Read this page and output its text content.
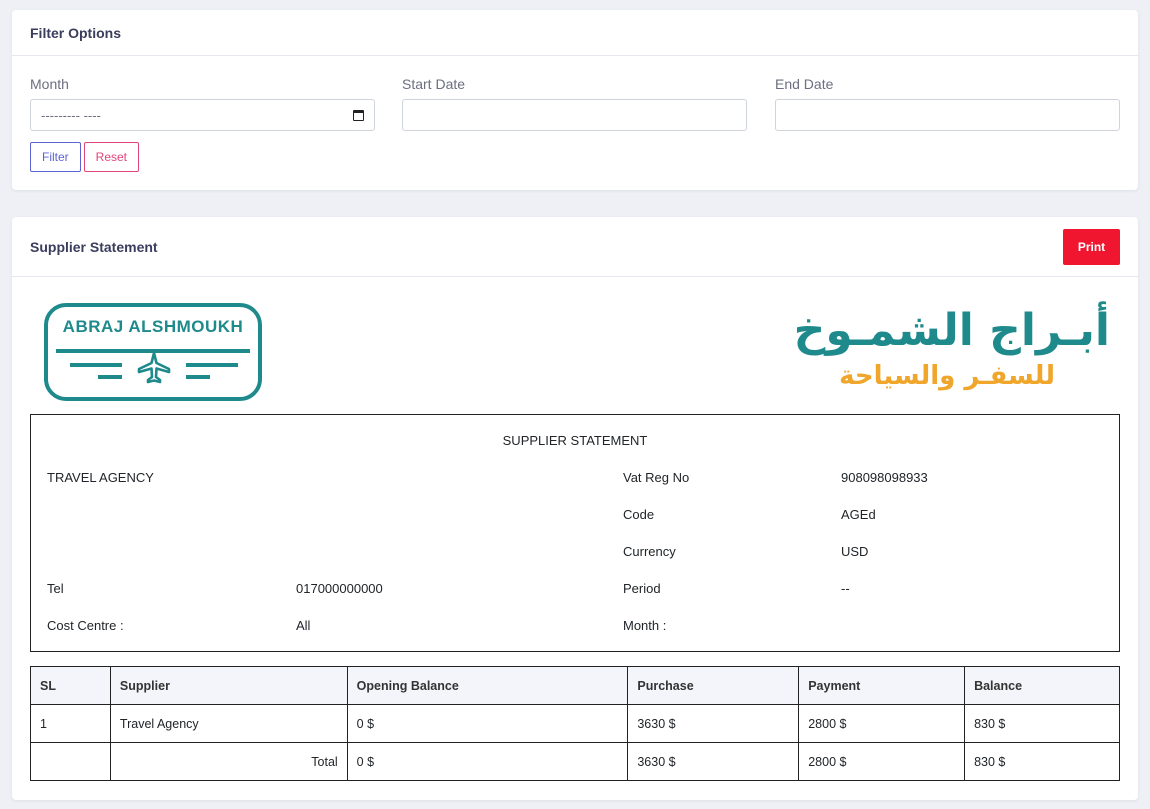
Filter Options
Month
--------- ----
Start Date	End Date
Filter	Reset
Supplier Statement	Print
ABRAJ ALSHMOUKH	أبـراج الشمـوخ
للسفـر والسياحة
SUPPLIER STATEMENT
TRAVEL AGENCY
Tel	017000000000
Cost Centre :	All
Vat Reg No	908098098933
Code	AGEd
Currency	USD
Period	--
Month :
SL	Supplier	Opening Balance	Purchase	Payment	Balance
1	Travel Agency	0 $	3630 $	2800 $	830 $
	Total	0 $	3630 $	2800 $	830 $
